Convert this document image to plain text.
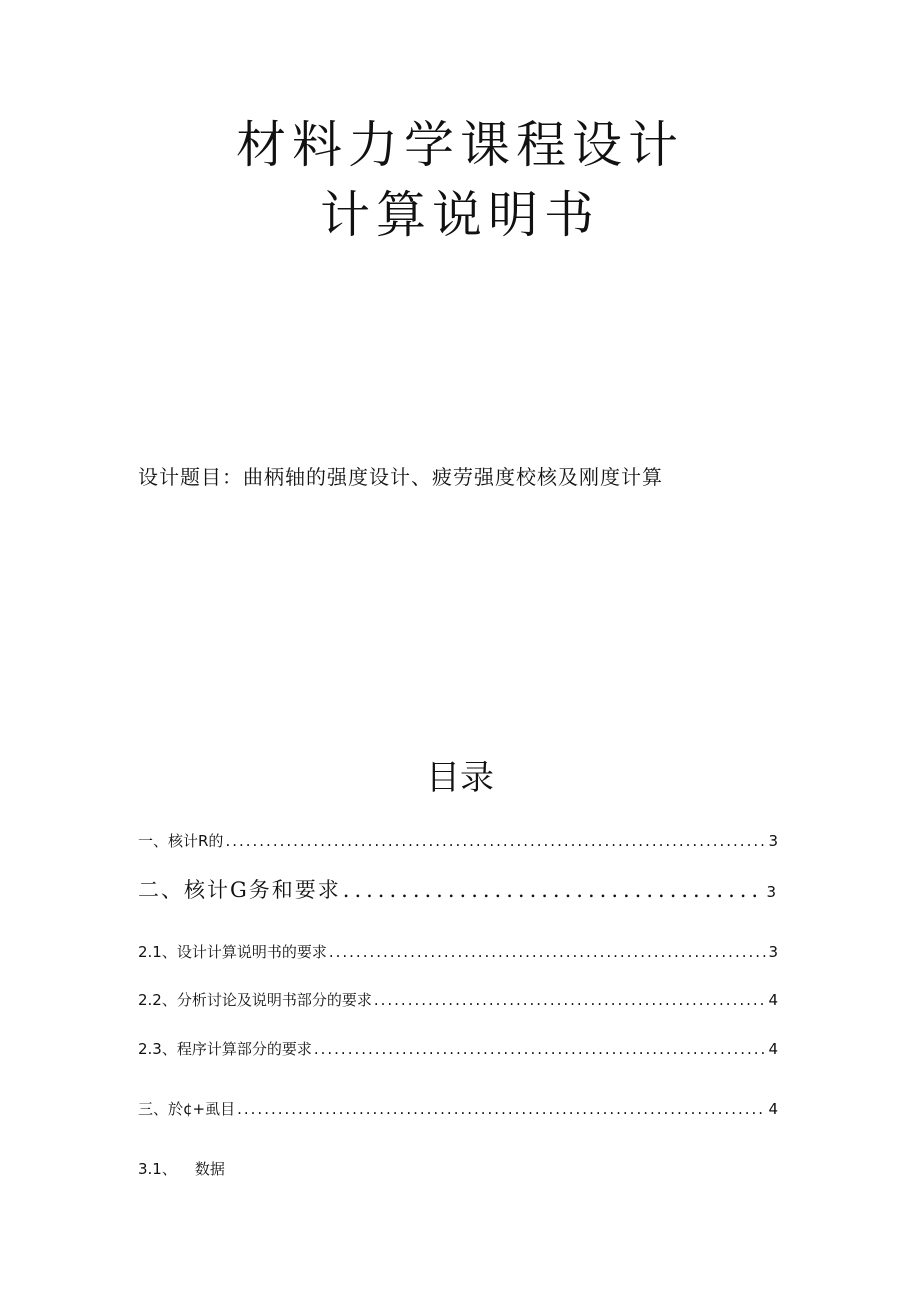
材料力学课程设计
计算说明书
设计题目：曲柄轴的强度设计、疲劳强度校核及刚度计算
目录
一、核计R的 .....	3
二、核计G务和要求 .....	3
2.1、设计计算说明书的要求 .....	3
2.2、分析讨论及说明书部分的要求 .....	4
2.3、程序计算部分的要求 .....	4
三、於¢+虱目 .....	4
3.1、 数据
